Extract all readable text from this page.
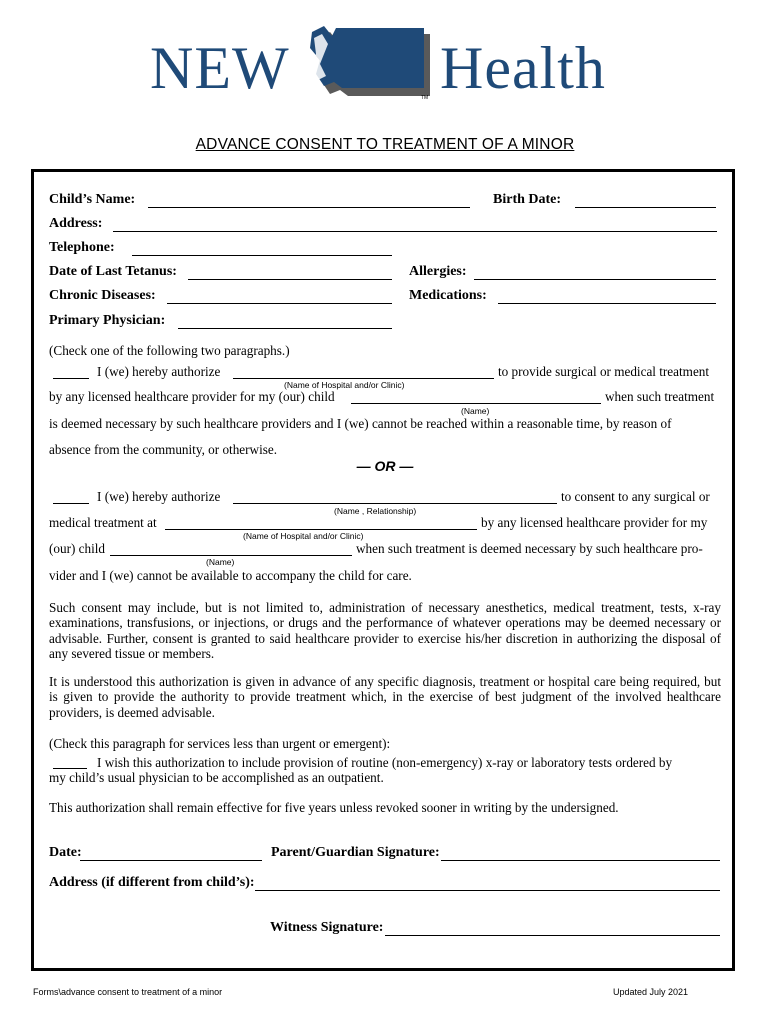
NEW	Health
TM
ADVANCE CONSENT TO TREATMENT OF A MINOR
Child’s Name:	Birth Date:
Address:
Telephone:
Date of Last Tetanus:	Allergies:
Chronic Diseases:	Medications:
Primary Physician:
(Check one of the following two paragraphs.)
I (we) hereby authorize	to provide surgical or medical treatment
(Name of Hospital and/or Clinic)
by any licensed healthcare provider for my (our) child	when such treatment
(Name)
is deemed necessary by such healthcare providers and I (we) cannot be reached within a reasonable time, by reason of
absence from the community, or otherwise.
— OR —
I (we) hereby authorize	to consent to any surgical or
(Name , Relationship)
medical treatment at	by any licensed healthcare provider for my
(Name of Hospital and/or Clinic)
(our) child	when such treatment is deemed necessary by such healthcare pro-
(Name)
vider and I (we) cannot be available to accompany the child for care.
Such consent may include, but is not limited to, administration of necessary anesthetics, medical treatment, tests, x-ray examinations, transfusions, or injections, or drugs and the performance of whatever operations may be deemed necessary or advisable. Further, consent is granted to said healthcare provider to exercise his/her discretion in authorizing the disposal of any severed tissue or members.
It is understood this authorization is given in advance of any specific diagnosis, treatment or hospital care being required, but is given to provide the authority to provide treatment which, in the exercise of best judgment of the involved healthcare providers, is deemed advisable.
(Check this paragraph for services less than urgent or emergent):
I wish this authorization to include provision of routine (non-emergency) x-ray or laboratory tests ordered by
my child’s usual physician to be accomplished as an outpatient.
This authorization shall remain effective for five years unless revoked sooner in writing by the undersigned.
Date:	Parent/Guardian Signature:
Address (if different from child’s):
Witness Signature:
Forms\advance consent to treatment of a minor	Updated July 2021
